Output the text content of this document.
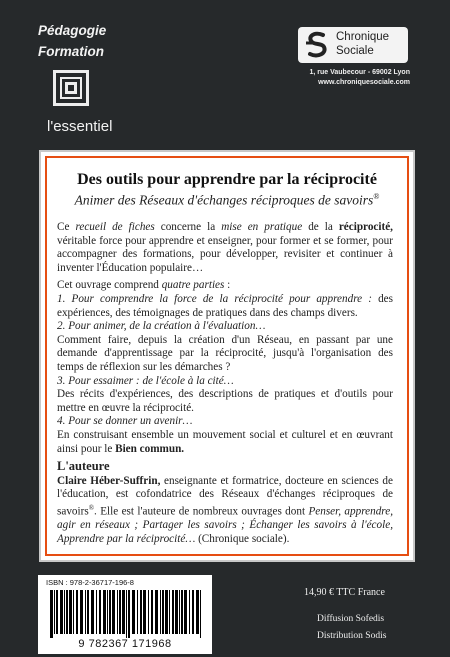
Pédagogie
Formation
l'essentiel
Chronique
Sociale
1, rue Vaubecour - 69002 Lyon
www.chroniquesociale.com
Des outils pour apprendre par la réciprocité
Animer des Réseaux d'échanges réciproques de savoirs®

Ce recueil de fiches concerne la mise en pratique de la réciprocité, véritable force pour apprendre et enseigner, pour former et se former, pour accompagner des formations, pour développer, revisiter et continuer à inventer l'Éducation populaire…

Cet ouvrage comprend quatre parties :

1. Pour comprendre la force de la réciprocité pour apprendre : des expériences, des témoignages de pratiques dans des champs divers.

2. Pour animer, de la création à l'évaluation…

Comment faire, depuis la création d'un Réseau, en passant par une demande d'apprentissage par la réciprocité, jusqu'à l'organisation des temps de réflexion sur les démarches ?

3. Pour essaimer : de l'école à la cité…

Des récits d'expériences, des descriptions de pratiques et d'outils pour mettre en œuvre la réciprocité.

4. Pour se donner un avenir…

En construisant ensemble un mouvement social et culturel et en œuvrant ainsi pour le Bien commun.

L'auteure

Claire Héber-Suffrin, enseignante et formatrice, docteure en sciences de l'éducation, est cofondatrice des Réseaux d'échanges réciproques de savoirs®. Elle est l'auteure de nombreux ouvrages dont Penser, apprendre, agir en réseaux ; Partager les savoirs ; Échanger les savoirs à l'école, Apprendre par la réciprocité… (Chronique sociale).

ISBN : 978-2-36717-196-8
9 782367 171968
14,90 € TTC France
Diffusion Sofedis
Distribution Sodis
